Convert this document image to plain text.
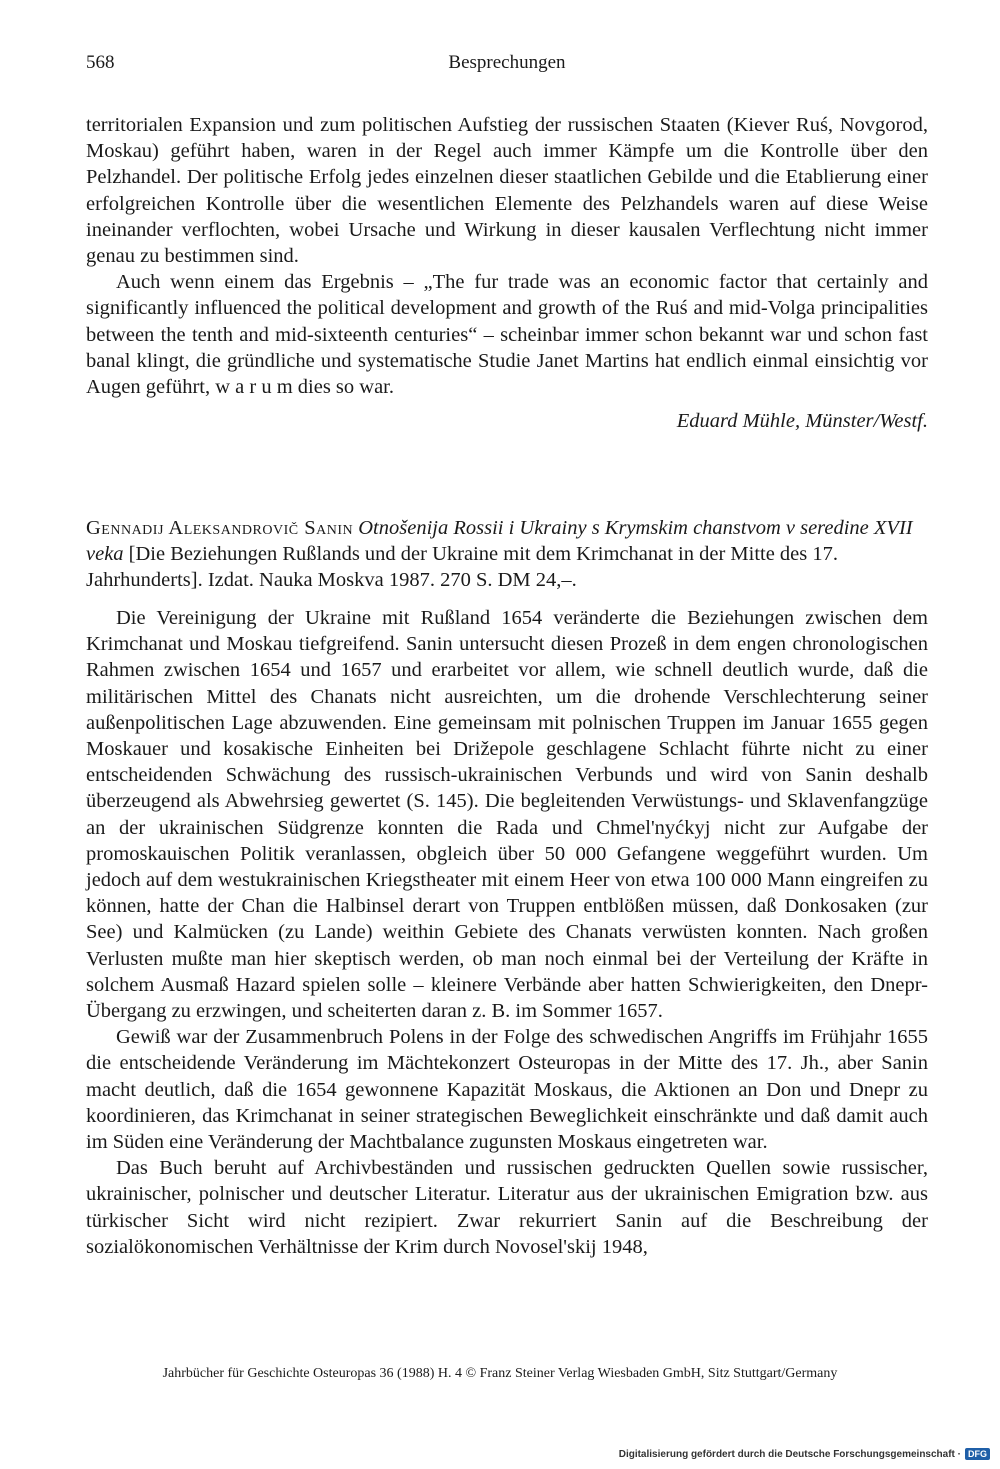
568	Besprechungen

territorialen Expansion und zum politischen Aufstieg der russischen Staaten (Kiever Ruś, Novgorod, Moskau) geführt haben, waren in der Regel auch immer Kämpfe um die Kontrolle über den Pelzhandel. Der politische Erfolg jedes einzelnen dieser staatlichen Gebilde und die Etablierung einer erfolgreichen Kontrolle über die wesentlichen Elemente des Pelzhandels waren auf diese Weise ineinander verflochten, wobei Ursache und Wirkung in dieser kausalen Verflechtung nicht immer genau zu bestimmen sind.

Auch wenn einem das Ergebnis – „The fur trade was an economic factor that certainly and significantly influenced the political development and growth of the Ruś and mid-Volga principalities between the tenth and mid-sixteenth centuries“ – scheinbar immer schon bekannt war und schon fast banal klingt, die gründliche und systematische Studie Janet Martins hat endlich einmal einsichtig vor Augen geführt, w a r u m dies so war.

Eduard Mühle, Münster/Westf.

Gennadij Aleksandrovič Sanin Otnošenija Rossii i Ukrainy s Krymskim chanstvom v seredine XVII veka [Die Beziehungen Rußlands und der Ukraine mit dem Krimchanat in der Mitte des 17. Jahrhunderts]. Izdat. Nauka Moskva 1987. 270 S. DM 24,–.

Die Vereinigung der Ukraine mit Rußland 1654 veränderte die Beziehungen zwischen dem Krimchanat und Moskau tiefgreifend. Sanin untersucht diesen Prozeß in dem engen chronologischen Rahmen zwischen 1654 und 1657 und erarbeitet vor allem, wie schnell deutlich wurde, daß die militärischen Mittel des Chanats nicht ausreichten, um die drohende Verschlechterung seiner außenpolitischen Lage abzuwenden. Eine gemeinsam mit polnischen Truppen im Januar 1655 gegen Moskauer und kosakische Einheiten bei Drižepole geschlagene Schlacht führte nicht zu einer entscheidenden Schwächung des russisch-ukrainischen Verbunds und wird von Sanin deshalb überzeugend als Abwehrsieg gewertet (S. 145). Die begleitenden Verwüstungs- und Sklavenfangzüge an der ukrainischen Südgrenze konnten die Rada und Chmel'nyćkyj nicht zur Aufgabe der promoskauischen Politik veranlassen, obgleich über 50 000 Gefangene weggeführt wurden. Um jedoch auf dem westukrainischen Kriegstheater mit einem Heer von etwa 100 000 Mann eingreifen zu können, hatte der Chan die Halbinsel derart von Truppen entblößen müssen, daß Donkosaken (zur See) und Kalmücken (zu Lande) weithin Gebiete des Chanats verwüsten konnten. Nach großen Verlusten mußte man hier skeptisch werden, ob man noch einmal bei der Verteilung der Kräfte in solchem Ausmaß Hazard spielen solle – kleinere Verbände aber hatten Schwierigkeiten, den Dnepr-Übergang zu erzwingen, und scheiterten daran z. B. im Sommer 1657.

Gewiß war der Zusammenbruch Polens in der Folge des schwedischen Angriffs im Frühjahr 1655 die entscheidende Veränderung im Mächtekonzert Osteuropas in der Mitte des 17. Jh., aber Sanin macht deutlich, daß die 1654 gewonnene Kapazität Moskaus, die Aktionen an Don und Dnepr zu koordinieren, das Krimchanat in seiner strategischen Beweglichkeit einschränkte und daß damit auch im Süden eine Veränderung der Machtbalance zugunsten Moskaus eingetreten war.

Das Buch beruht auf Archivbeständen und russischen gedruckten Quellen sowie russischer, ukrainischer, polnischer und deutscher Literatur. Literatur aus der ukrainischen Emigration bzw. aus türkischer Sicht wird nicht rezipiert. Zwar rekurriert Sanin auf die Beschreibung der sozialökonomischen Verhältnisse der Krim durch Novosel'skij 1948,

Jahrbücher für Geschichte Osteuropas 36 (1988) H. 4 © Franz Steiner Verlag Wiesbaden GmbH, Sitz Stuttgart/Germany
Digitalisierung gefördert durch die Deutsche Forschungsgemeinschaft · DFG
